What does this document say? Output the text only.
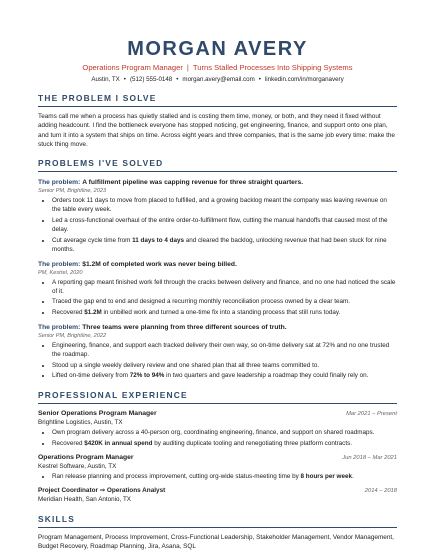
MORGAN AVERY
Operations Program Manager | Turns Stalled Processes Into Shipping Systems
Austin, TX • (512) 555-0148 • morgan.avery@email.com • linkedin.com/in/morganavery
THE PROBLEM I SOLVE
Teams call me when a process has quietly stalled and is costing them time, money, or both, and they need it fixed without adding headcount. I find the bottleneck everyone has stopped noticing, get engineering, finance, and support onto one plan, and turn it into a system that ships on time. Across eight years and three companies, that is the same job every time: make the stuck thing move.
PROBLEMS I'VE SOLVED
The problem: A fulfillment pipeline was capping revenue for three straight quarters.
Senior PM, Brightline, 2023
• Orders took 11 days to move from placed to fulfilled, and a growing backlog meant the company was leaving revenue on the table every week.
• Led a cross-functional overhaul of the entire order-to-fulfillment flow, cutting the manual handoffs that caused most of the delay.
• Cut average cycle time from 11 days to 4 days and cleared the backlog, unlocking revenue that had been stuck for nine months.
The problem: $1.2M of completed work was never being billed.
PM, Kestrel, 2020
• A reporting gap meant finished work fell through the cracks between delivery and finance, and no one had noticed the scale of it.
• Traced the gap end to end and designed a recurring monthly reconciliation process owned by a clear team.
• Recovered $1.2M in unbilled work and turned a one-time fix into a standing process that still runs today.
The problem: Three teams were planning from three different sources of truth.
Senior PM, Brightline, 2022
• Engineering, finance, and support each tracked delivery their own way, so on-time delivery sat at 72% and no one trusted the roadmap.
• Stood up a single weekly delivery review and one shared plan that all three teams committed to.
• Lifted on-time delivery from 72% to 94% in two quarters and gave leadership a roadmap they could finally rely on.
PROFESSIONAL EXPERIENCE
Senior Operations Program Manager	Mar 2021 – Present
Brightline Logistics, Austin, TX
• Own program delivery across a 40-person org, coordinating engineering, finance, and support on shared roadmaps.
• Recovered $420K in annual spend by auditing duplicate tooling and renegotiating three platform contracts.
Operations Program Manager	Jun 2018 – Mar 2021
Kestrel Software, Austin, TX
• Ran release planning and process improvement, cutting org-wide status-meeting time by 8 hours per week.
Project Coordinator ⇒ Operations Analyst	2014 – 2018
Meridian Health, San Antonio, TX
SKILLS
Program Management, Process Improvement, Cross-Functional Leadership, Stakeholder Management, Vendor Management, Budget Recovery, Roadmap Planning, Jira, Asana, SQL
